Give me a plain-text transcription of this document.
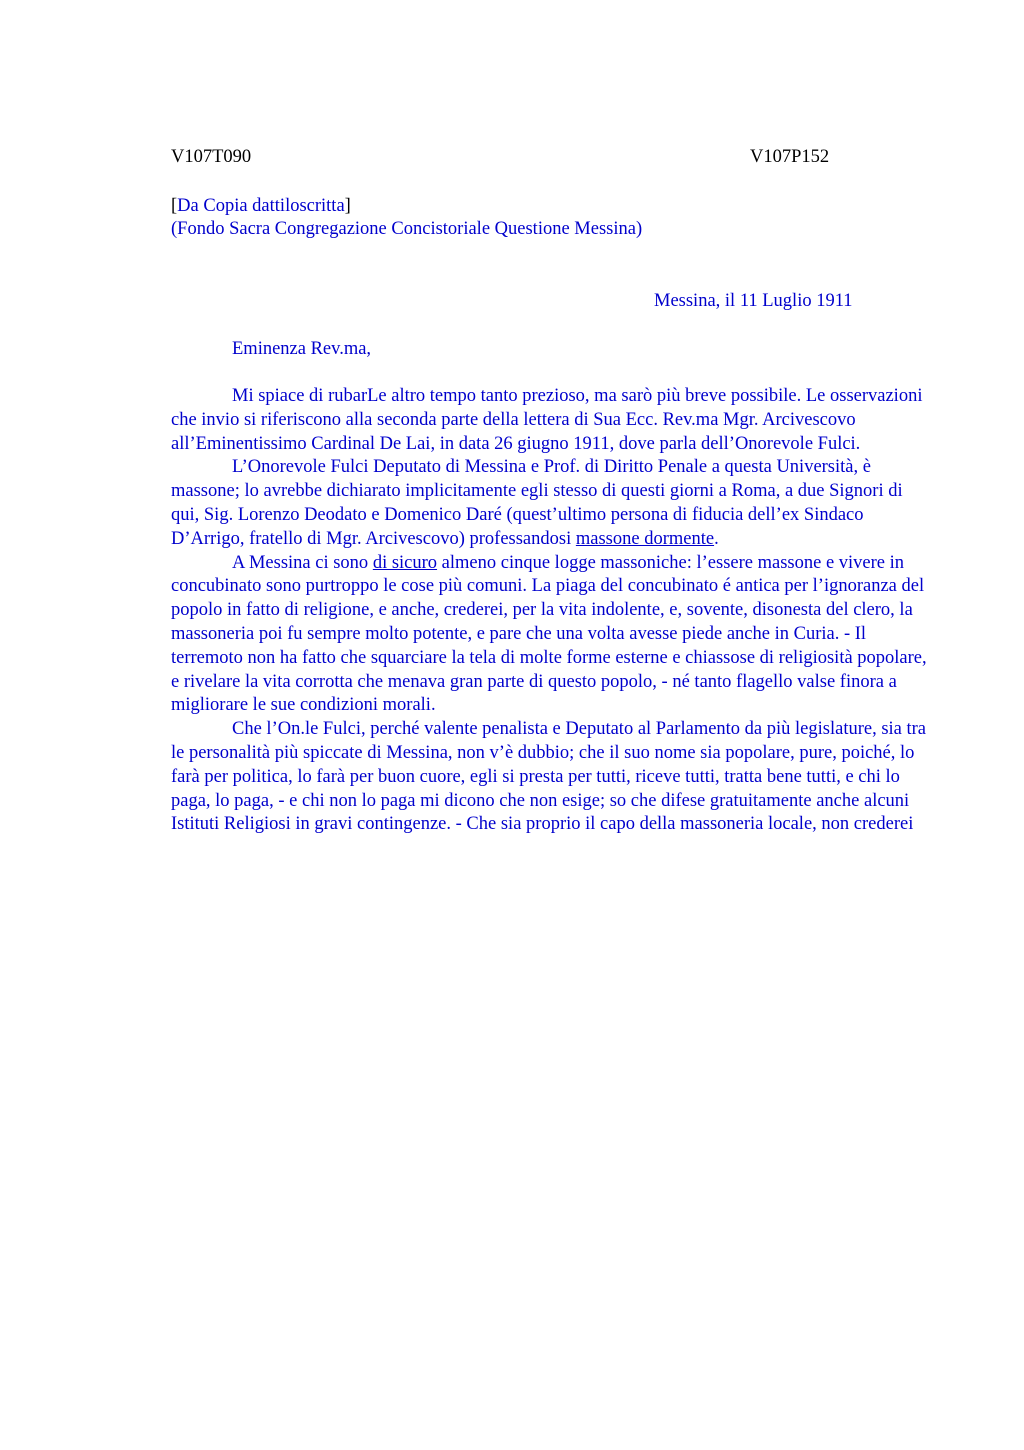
V107T090	V107P152
[Da Copia dattiloscritta]
(Fondo Sacra Congregazione Concistoriale Questione Messina)
Messina, il 11 Luglio 1911
Eminenza Rev.ma,

Mi spiace di rubarLe altro tempo tanto prezioso, ma sarò più breve possibile. Le osservazioni che invio si riferiscono alla seconda parte della lettera di Sua Ecc. Rev.ma Mgr. Arcivescovo all’Eminentissimo Cardinal De Lai, in data 26 giugno 1911, dove parla dell’Onorevole Fulci.

L’Onorevole Fulci Deputato di Messina e Prof. di Diritto Penale a questa Università, è massone; lo avrebbe dichiarato implicitamente egli stesso di questi giorni a Roma, a due Signori di qui, Sig. Lorenzo Deodato e Domenico Daré (quest’ultimo persona di fiducia dell’ex Sindaco D’Arrigo, fratello di Mgr. Arcivescovo) professandosi massone dormente.

A Messina ci sono di sicuro almeno cinque logge massoniche: l’essere massone e vivere in concubinato sono purtroppo le cose più comuni. La piaga del concubinato é antica per l’ignoranza del popolo in fatto di religione, e anche, crederei, per la vita indolente, e, sovente, disonesta del clero, la massoneria poi fu sempre molto potente, e pare che una volta avesse piede anche in Curia. - Il terremoto non ha fatto che squarciare la tela di molte forme esterne e chiassose di religiosità popolare, e rivelare la vita corrotta che menava gran parte di questo popolo, - né tanto flagello valse finora a migliorare le sue condizioni morali.

Che l’On.le Fulci, perché valente penalista e Deputato al Parlamento da più legislature, sia tra le personalità più spiccate di Messina, non v’è dubbio; che il suo nome sia popolare, pure, poiché, lo farà per politica, lo farà per buon cuore, egli si presta per tutti, riceve tutti, tratta bene tutti, e chi lo paga, lo paga, - e chi non lo paga mi dicono che non esige; so che difese gratuitamente anche alcuni Istituti Religiosi in gravi contingenze. - Che sia proprio il capo della massoneria locale, non crederei
